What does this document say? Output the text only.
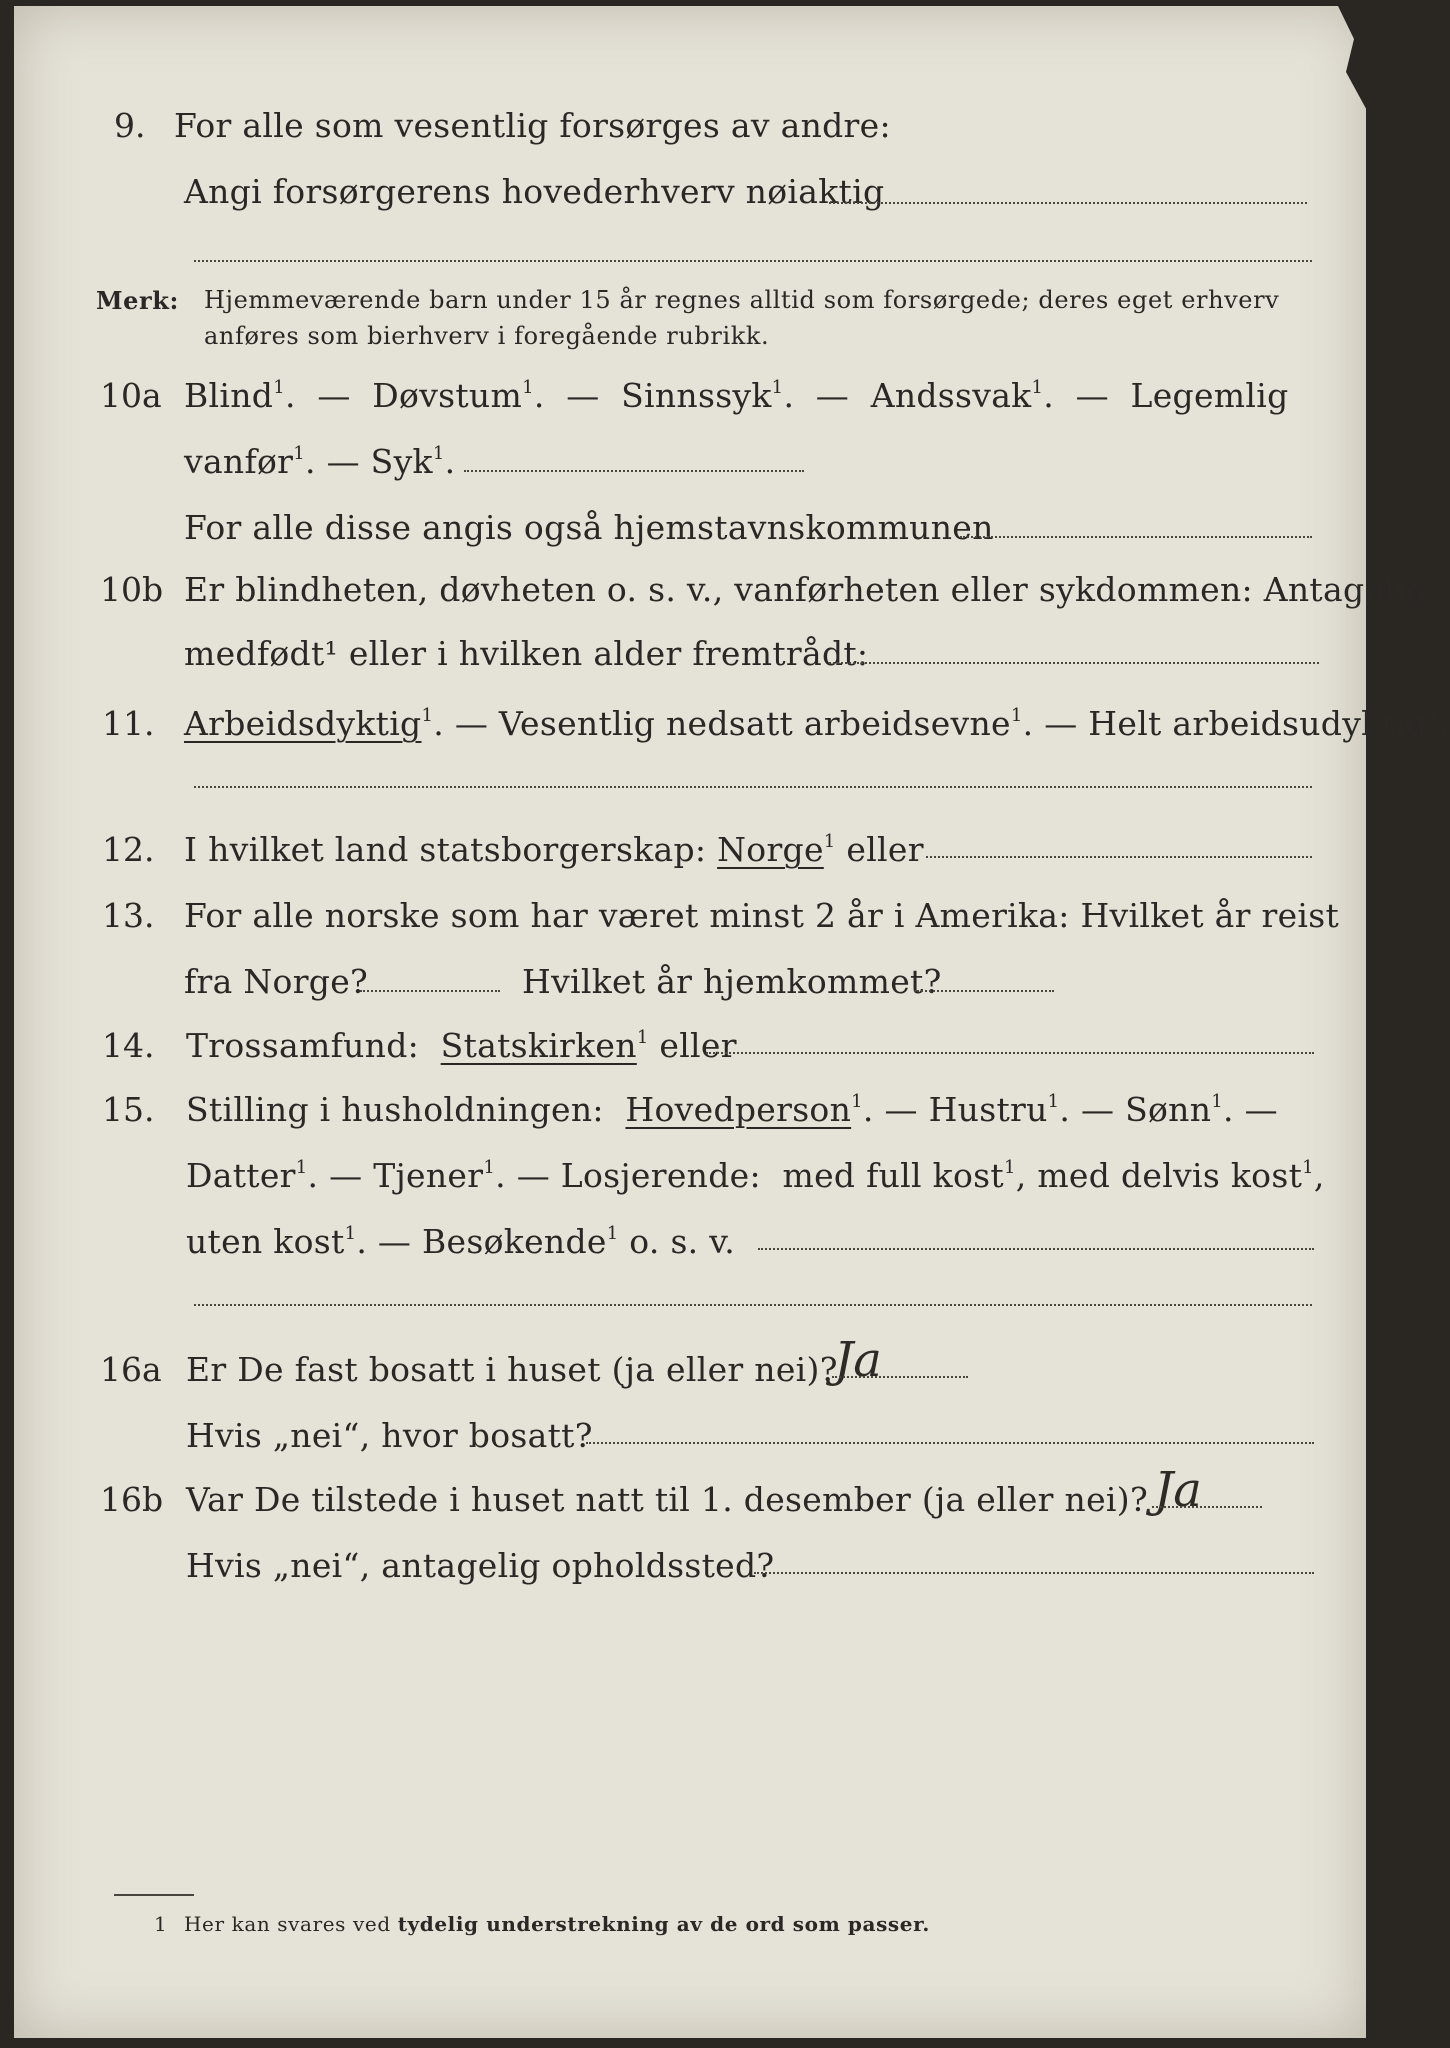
9. For alle som vesentlig forsørges av andre:
Angi forsørgerens hovederhverv nøiaktig
Merk: Hjemmeværende barn under 15 år regnes alltid som forsørgede; deres eget erhverv
anføres som bierhverv i foregående rubrikk.
10a Blind$^1$.  —  Døvstum$^1$.  —  Sinnssyk$^1$.  —  Andssvak$^1$.  —  Legemlig
vanfør$^1$. — Syk$^1$.
For alle disse angis også hjemstavnskommunen
10b Er blindheten, døvheten o. s. v., vanførheten eller sykdommen: Antagelig
medfødt¹ eller i hvilken alder fremtrådt:
11. Arbeidsdyktig$^1$. — Vesentlig nedsatt arbeidsevne$^1$. — Helt arbeidsudyktig$^1$.
12. I hvilket land statsborgerskap: Norge$^1$ eller
13. For alle norske som har været minst 2 år i Amerika: Hvilket år reist
fra Norge?	Hvilket år hjemkommet?
14. Trossamfund: Statskirken$^1$ eller
15. Stilling i husholdningen: Hovedperson$^1$. — Hustru$^1$. — Sønn$^1$. —
Datter$^1$. — Tjener$^1$. — Losjerende: med full kost$^1$, med delvis kost$^1$,
uten kost$^1$. — Besøkende$^1$ o. s. v.
16a Er De fast bosatt i huset (ja eller nei)?
Ja
Hvis „nei“, hvor bosatt?
16b Var De tilstede i huset natt til 1. desember (ja eller nei)? Ja
Hvis „nei“, antagelig opholdssted?
1 Her kan svares ved tydelig understrekning av de ord som passer.
